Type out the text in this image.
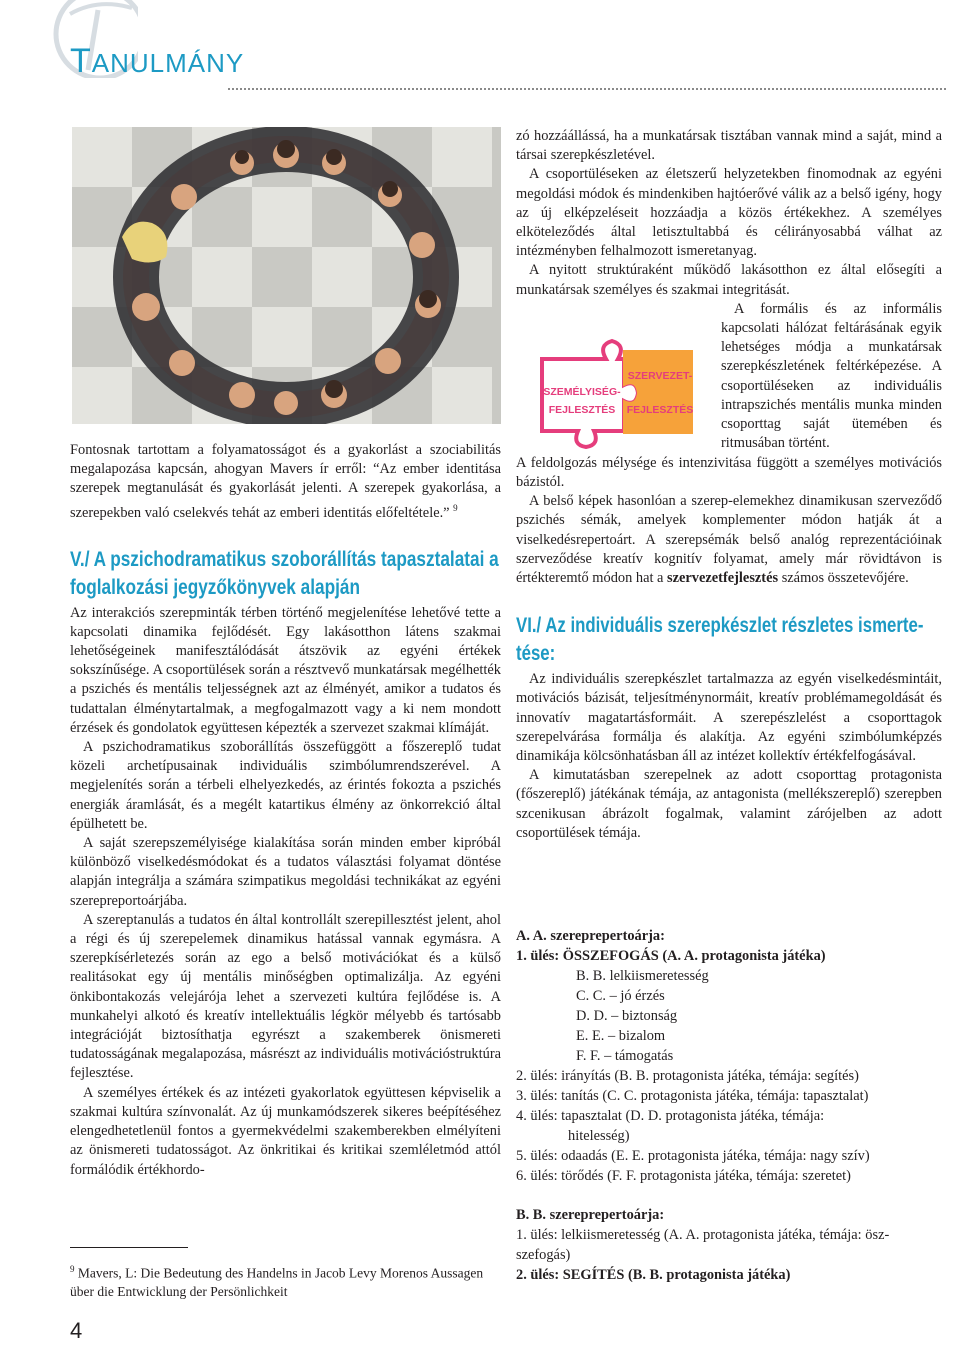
TANULMÁNY

Fontosnak tartottam a folyamatosságot és a gyakorlást a szociabilitás megalapozása kapcsán, ahogyan Mavers ír erről: “Az ember identitása szerepek megtanulását és gyakorlását jelenti. A szerepek gyakorlása, a szerepekben való cselekvés tehát az emberi identitás előfeltétele.” $^9$

V./ A pszichodramatikus szoborállítás tapasztalatai a
foglalkozási jegyzőkönyvek alapján

Az interakciós szerepminták térben történő megjelenítése lehetővé tette a kapcsolati dinamika fejlődését. Egy lakásotthon látens szakmai lehetőségeinek manifesztálódását átszövik az egyéni értékek sokszínűsége. A csoportülések során a résztvevő munkatársak megélhették a pszichés és mentális teljességnek azt az élményét, amikor a tudatos és tudattalan élménytartalmak, a megfogalmazott vagy a ki nem mondott érzések és gondolatok együttesen képezték a szervezet szakmai klímáját.

A pszichodramatikus szoborállítás összefüggött a főszereplő tudat közeli archetípusainak individuális szimbólumrendszerével. A megjelenítés során a térbeli elhelyezkedés, az érintés fokozta a pszichés energiák áramlását, és a megélt katartikus élmény az önkorrekció által épülhetett be.

A saját szerepszemélyisége kialakítása során minden ember kipróbál különböző viselkedésmódokat és a tudatos választási folyamat döntése alapján integrálja a számára szimpatikus megoldási technikákat az egyéni szerepreportoárjába.

A szereptanulás a tudatos én által kontrollált szerepillesztést jelent, ahol a régi és új szerepelemek dinamikus hatással vannak egymásra. A szerepkísérletezés során az ego a belső motivációkat és a külső realitásokat egy új mentális minőségben optimalizálja. Az egyéni önkibontakozás velejárója lehet a szervezeti kultúra fejlődése is. A munkahelyi alkotó és kreatív intellektuális légkör mélyebb és tartósabb integrációját biztosíthatja egyrészt a szakemberek önismereti tudatosságának megalapozása, másrészt az individuális motivációstruktúra fejlesztése.

A személyes értékek és az intézeti gyakorlatok együttesen képviselik a szakmai kultúra színvonalát. Az új munkamódszerek sikeres beépítéséhez elengedhetetlenül fontos a gyermekvédelmi szakemberekben elmélyíteni az önismereti tudatosságot. Az önkritikai és kritikai szemléletmód attól formálódik értékhordo-

$^9$ Mavers, L: Die Bedeutung des Handelns in Jacob Levy Morenos Aussagen über die Entwicklung der Persönlichkeit
4
SZEMÉLYISÉG-
FEJLESZTÉS
SZERVEZET-
FEJLESZTÉS

zó hozzáállássá, ha a munkatársak tisztában vannak mind a saját, mind a társai szerepkészletével.

A csoportüléseken az életszerű helyzetekben finomodnak az egyéni megoldási módok és mindenkiben hajtóerővé válik az a belső igény, hogy az új elképzeléseit hozzáadja a közös értékekhez. A személyes elköteleződés által letisztultabbá és célirányosabbá válhat az intézményben felhalmozott ismeretanyag.

A nyitott struktúraként működő lakásotthon ez által elősegíti a munkatársak személyes és szakmai integritását.

A formális és az informális kapcsolati hálózat feltárásának egyik lehetséges módja a munkatársak szerepkészletének feltérképezése. A csoportüléseken az individuális intrapszichés mentális munka minden csoporttag saját ütemében és ritmusában történt.

A feldolgozás mélysége és intenzivitása függött a személyes motivációs bázistól.

A belső képek hasonlóan a szerep-elemekhez dinamikusan szerveződő pszichés sémák, amelyek komplementer módon hatják át a viselkedésrepertoárt. A szerepsémák belső analóg reprezentációinak szerveződése kreatív kognitív folyamat, amely már rövidtávon is értékteremtő módon hat a szervezetfejlesztés számos összetevőjére.

VI./ Az individuális szerepkészlet részletes ismerte-
tése:

Az individuális szerepkészlet tartalmazza az egyén viselkedésmintáit, motivációs bázisát, teljesítménynormáit, kreatív problémamegoldását és innovatív magatartásformáit. A szerepészlelést a csoporttagok szerepelvárása formálja és alakítja. Az egyéni szimbólumképzés dinamikája kölcsönhatásban áll az intézet kollektív értékfelfogásával.

A kimutatásban szerepelnek az adott csoporttag protagonista (főszereplő) játékának témája, az antagonista (mellékszereplő) szerepben szcenikusan ábrázolt fogalmak, valamint zárójelben az adott csoportülések témája.

A. A. szereprepertoárja:
1. ülés: ÖSSZEFOGÁS (A. A. protagonista játéka)
B. B. lelkiismeretesség
C. C. – jó érzés
D. D. – biztonság
E. E. – bizalom
F. F. – támogatás
2. ülés: irányítás (B. B. protagonista játéka, témája: segítés)
3. ülés: tanítás (C. C. protagonista játéka, témája: tapasztalat)
4. ülés: tapasztalat (D. D. protagonista játéka, témája:
hitelesség)
5. ülés: odaadás (E. E. protagonista játéka, témája: nagy szív)
6. ülés: törődés (F. F. protagonista játéka, témája: szeretet)
B. B. szereprepertoárja:
1. ülés: lelkiismeretesség (A. A. protagonista játéka, témája: ösz-
szefogás)
2. ülés: SEGÍTÉS (B. B. protagonista játéka)
